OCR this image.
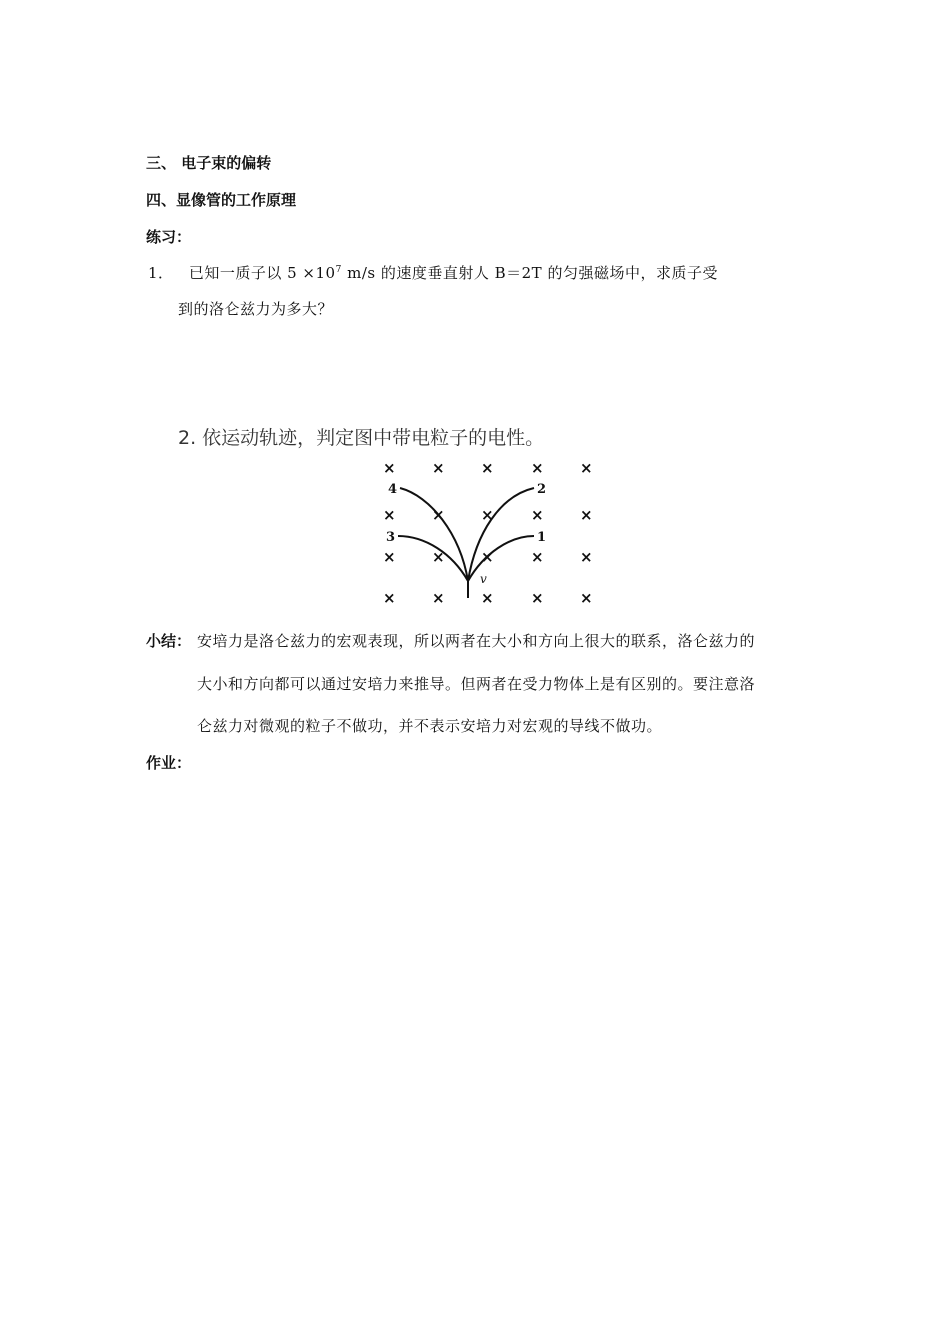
三、 电子束的偏转
四、显像管的工作原理
练习：
1． 已知一质子以 $5 \times 10^7$ m/s 的速度垂直射人 B＝2T 的匀强磁场中，求质子受
到的洛仑兹力为多大？
2. 依运动轨迹，判定图中带电粒子的电性。
× × × × ×
× × × × ×
× × × × ×
× × × × ×
4	2
3	1
v
小结： 安培力是洛仑兹力的宏观表现，所以两者在大小和方向上很大的联系，洛仑兹力的
大小和方向都可以通过安培力来推导。但两者在受力物体上是有区别的。要注意洛
仑兹力对微观的粒子不做功，并不表示安培力对宏观的导线不做功。
作业：
